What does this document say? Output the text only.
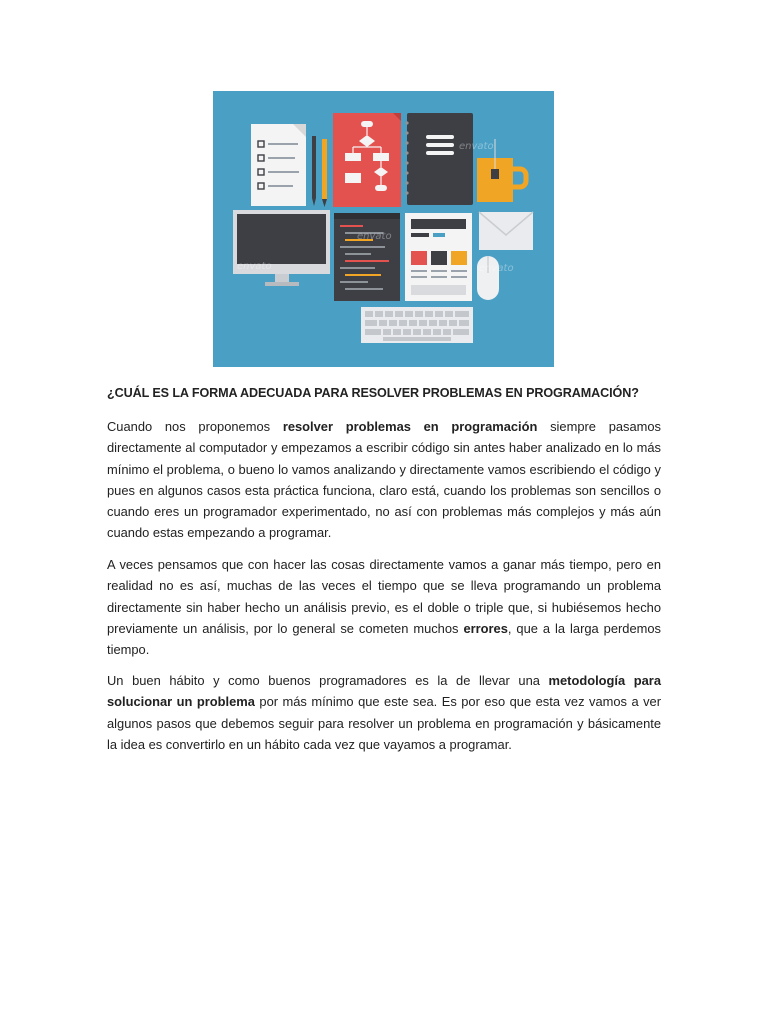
envato
envato
envato
envato
¿CUÁL ES LA FORMA ADECUADA PARA RESOLVER PROBLEMAS EN PROGRAMACIÓN?

Cuando nos proponemos resolver problemas en programación siempre pasamos directamente al computador y empezamos a escribir código sin antes haber analizado en lo más mínimo el problema, o bueno lo vamos analizando y directamente vamos escribiendo el código y pues en algunos casos esta práctica funciona, claro está, cuando los problemas son sencillos o cuando eres un programador experimentado, no así con problemas más complejos y más aún cuando estas empezando a programar.

A veces pensamos que con hacer las cosas directamente vamos a ganar más tiempo, pero en realidad no es así, muchas de las veces el tiempo que se lleva programando un problema directamente sin haber hecho un análisis previo, es el doble o triple que, si hubiésemos hecho previamente un análisis, por lo general se cometen muchos errores, que a la larga perdemos tiempo.

Un buen hábito y como buenos programadores es la de llevar una metodología para solucionar un problema por más mínimo que este sea. Es por eso que esta vez vamos a ver algunos pasos que debemos seguir para resolver un problema en programación y básicamente la idea es convertirlo en un hábito cada vez que vayamos a programar.
